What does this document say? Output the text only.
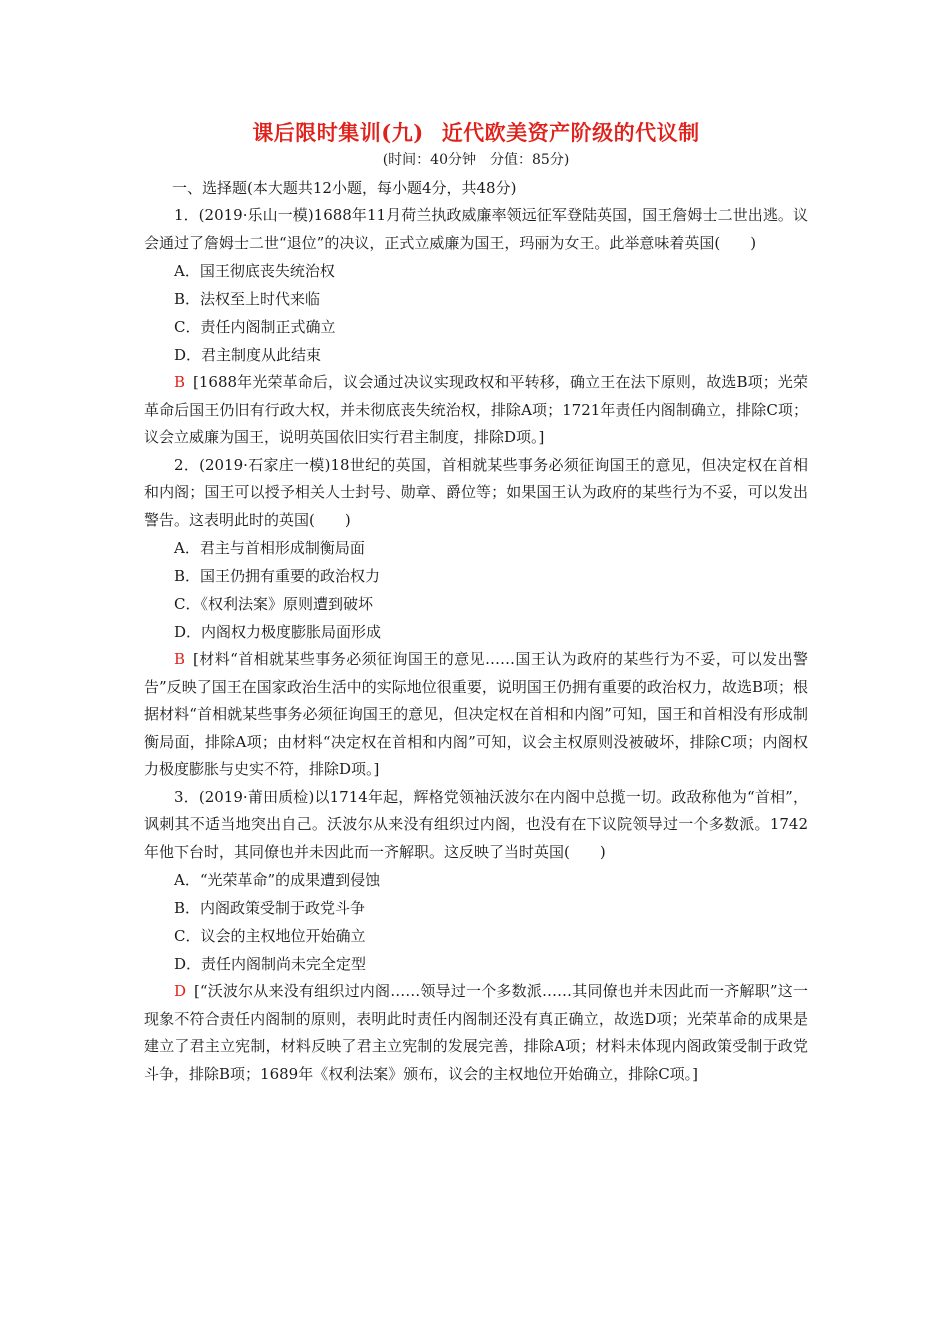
课后限时集训(九) 近代欧美资产阶级的代议制
(时间：40分钟 分值：85分)
一、选择题(本大题共12小题，每小题4分，共48分)

1．(2019·乐山一模)1688年11月荷兰执政威廉率领远征军登陆英国，国王詹姆士二世出逃。议会通过了詹姆士二世“退位”的决议，正式立威廉为国王，玛丽为女王。此举意味着英国(　　)

A．国王彻底丧失统治权

B．法权至上时代来临

C．责任内阁制正式确立

D．君主制度从此结束

B [1688年光荣革命后，议会通过决议实现政权和平转移，确立王在法下原则，故选B项；光荣革命后国王仍旧有行政大权，并未彻底丧失统治权，排除A项；1721年责任内阁制确立，排除C项；议会立威廉为国王，说明英国依旧实行君主制度，排除D项。]

2．(2019·石家庄一模)18世纪的英国，首相就某些事务必须征询国王的意见，但决定权在首相和内阁；国王可以授予相关人士封号、勋章、爵位等；如果国王认为政府的某些行为不妥，可以发出警告。这表明此时的英国(　　)

A．君主与首相形成制衡局面

B．国王仍拥有重要的政治权力

C．《权利法案》原则遭到破坏

D．内阁权力极度膨胀局面形成

B [材料“首相就某些事务必须征询国王的意见……国王认为政府的某些行为不妥，可以发出警告”反映了国王在国家政治生活中的实际地位很重要，说明国王仍拥有重要的政治权力，故选B项；根据材料“首相就某些事务必须征询国王的意见，但决定权在首相和内阁”可知，国王和首相没有形成制衡局面，排除A项；由材料“决定权在首相和内阁”可知，议会主权原则没被破坏，排除C项；内阁权力极度膨胀与史实不符，排除D项。]

3．(2019·莆田质检)以1714年起，辉格党领袖沃波尔在内阁中总揽一切。政敌称他为“首相”，讽刺其不适当地突出自己。沃波尔从来没有组织过内阁，也没有在下议院领导过一个多数派。1742年他下台时，其同僚也并未因此而一齐解职。这反映了当时英国(　　)

A．“光荣革命”的成果遭到侵蚀

B．内阁政策受制于政党斗争

C．议会的主权地位开始确立

D．责任内阁制尚未完全定型

D [“沃波尔从来没有组织过内阁……领导过一个多数派……其同僚也并未因此而一齐解职”这一现象不符合责任内阁制的原则，表明此时责任内阁制还没有真正确立，故选D项；光荣革命的成果是建立了君主立宪制，材料反映了君主立宪制的发展完善，排除A项；材料未体现内阁政策受制于政党斗争，排除B项；1689年《权利法案》颁布，议会的主权地位开始确立，排除C项。]
